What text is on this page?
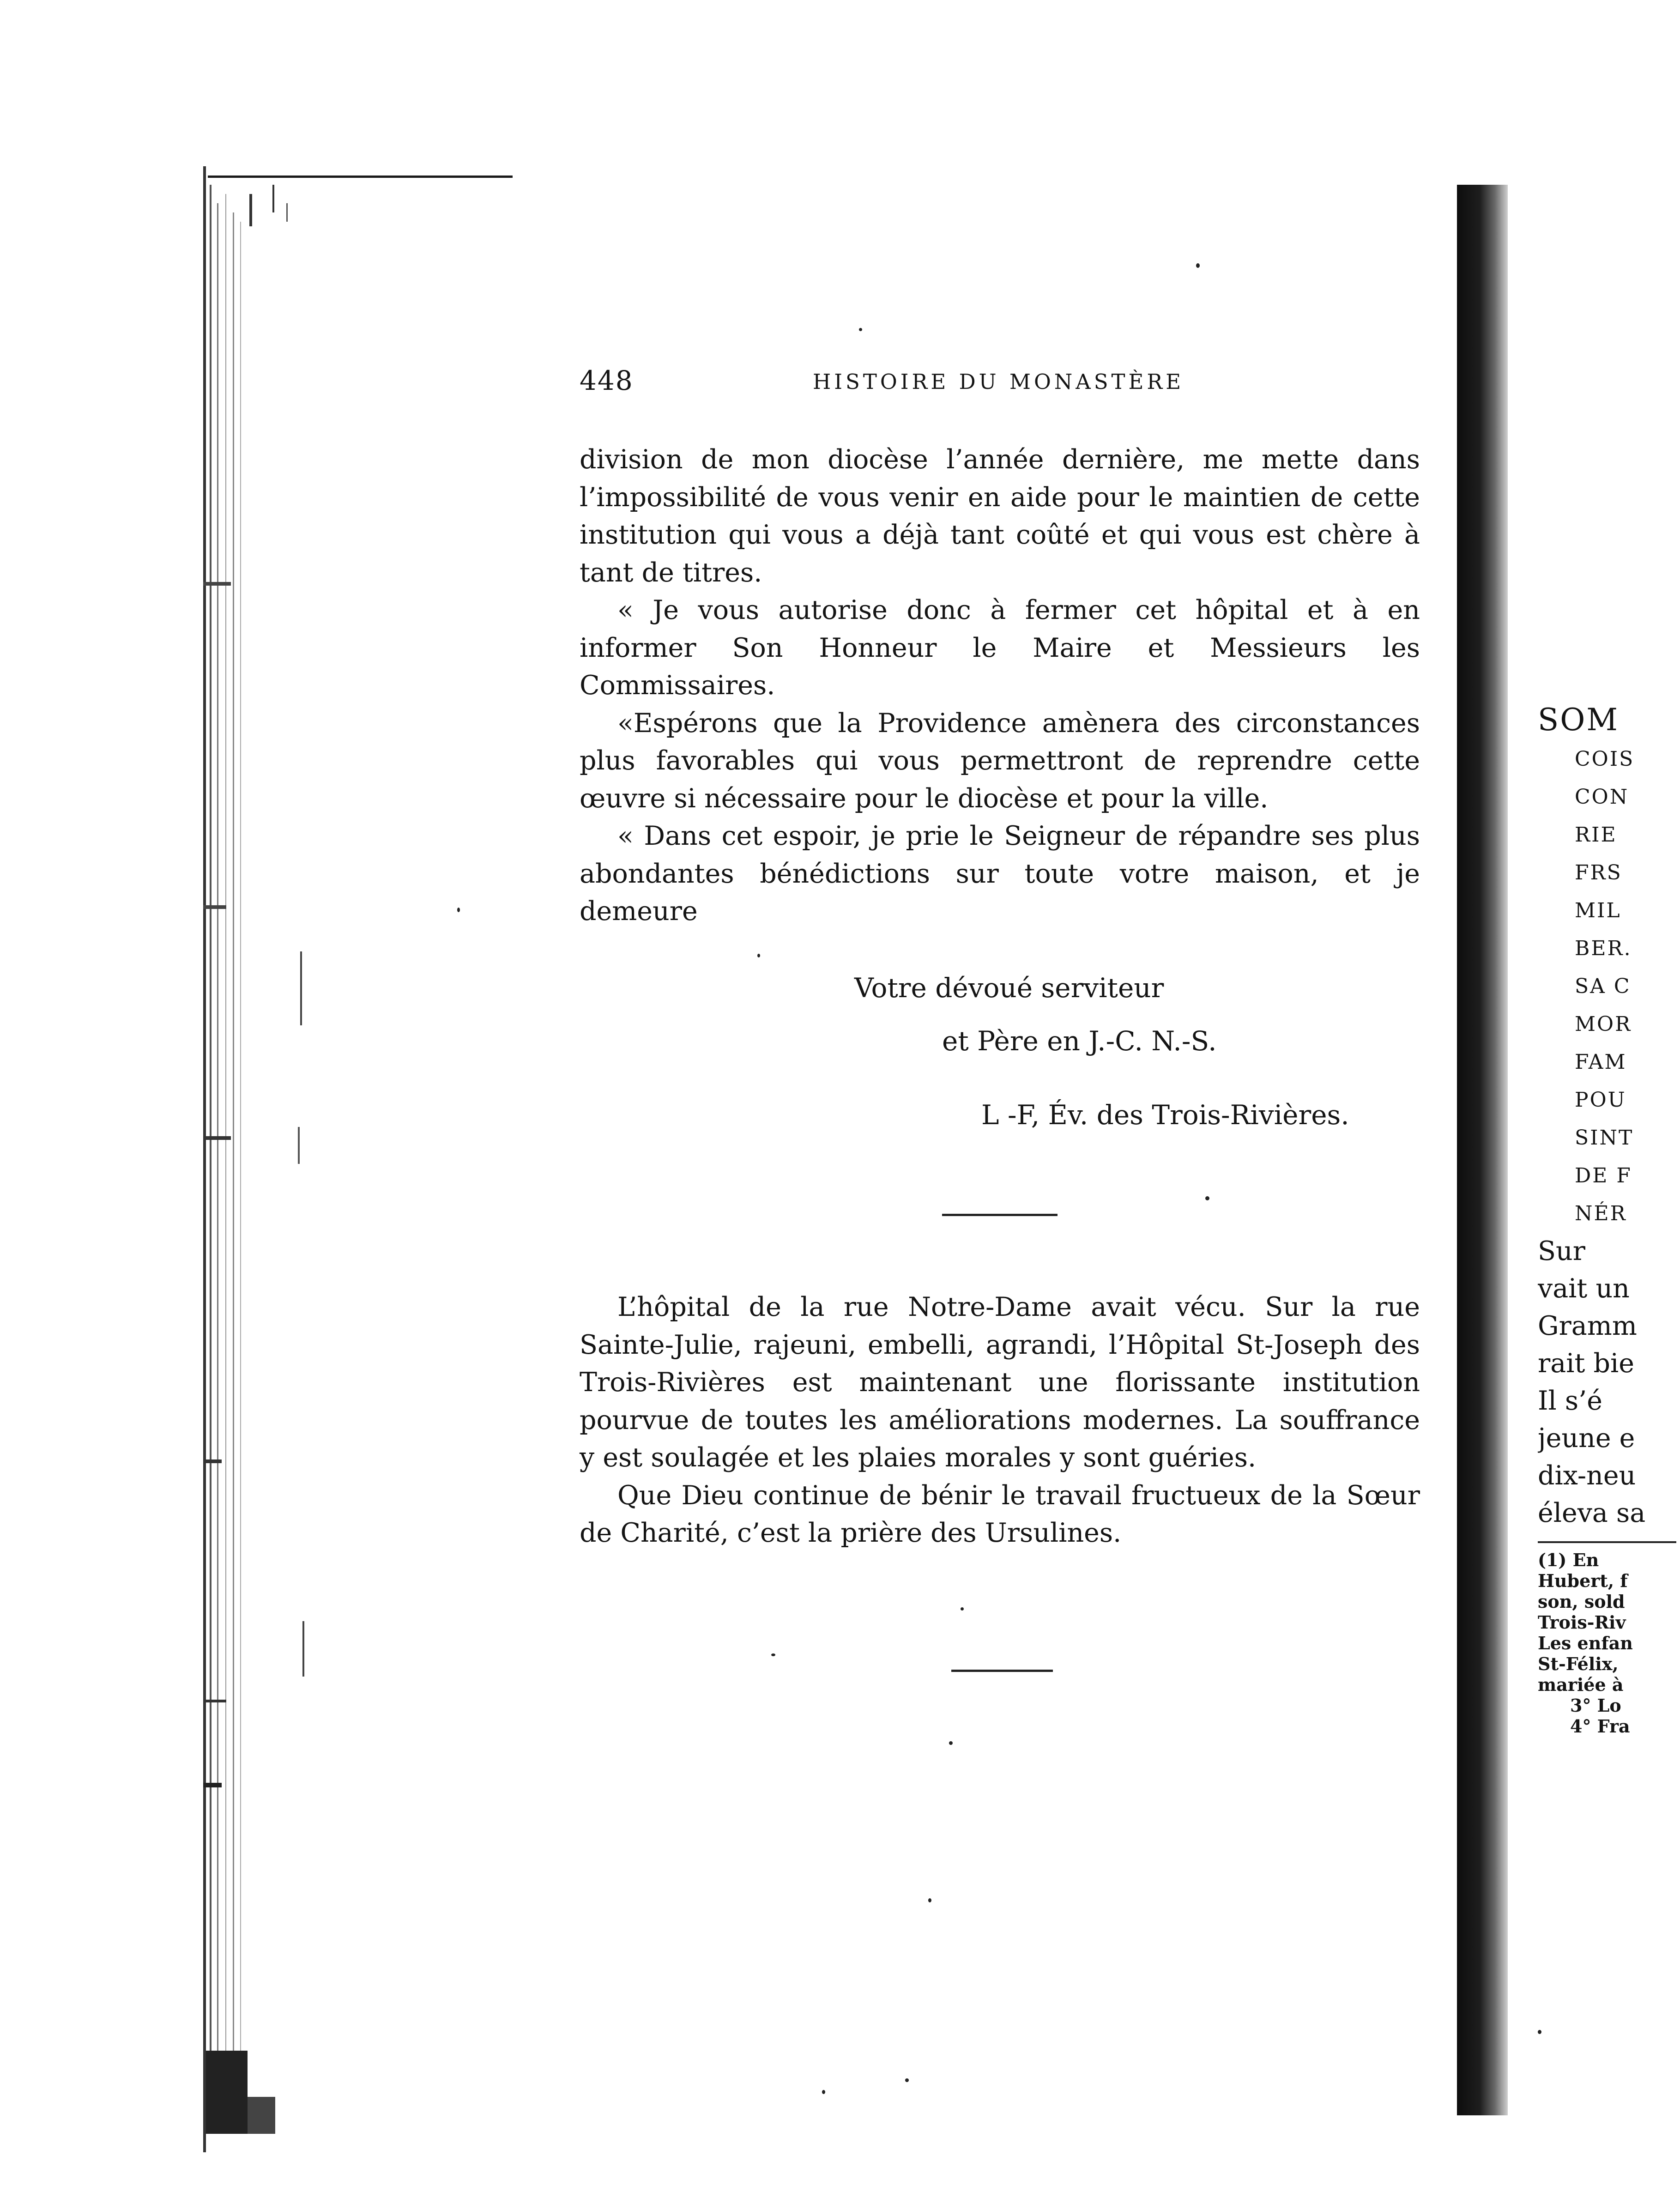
448	HISTOIRE DU MONASTÈRE

division de mon diocèse l’année dernière, me mette dans l’impossibilité de vous venir en aide pour le maintien de cette institution qui vous a déjà tant coûté et qui vous est chère à tant de titres.

« Je vous autorise donc à fermer cet hôpital et à en informer Son Honneur le Maire et Messieurs les Commissaires.

«Espérons que la Providence amènera des circonstances plus favorables qui vous permettront de reprendre cette œuvre si nécessaire pour le diocèse et pour la ville.

« Dans cet espoir, je prie le Seigneur de répandre ses plus abondantes bénédictions sur toute votre maison, et je demeure

Votre dévoué serviteur
et Père en J.-C. N.-S.
L -F, Év. des Trois-Rivières.

L’hôpital de la rue Notre-Dame avait vécu. Sur la rue Sainte-Julie, rajeuni, embelli, agrandi, l’Hôpital St-Joseph des Trois-Rivières est maintenant une florissante institution pourvue de toutes les améliorations modernes. La souffrance y est soulagée et les plaies morales y sont guéries.

Que Dieu continue de bénir le travail fructueux de la Sœur de Charité, c’est la prière des Ursulines.

SOM

COIS

CON

RIE

FRS

MIL

BER.

SA C

MOR

FAM

POU

SINT

DE F

NÉR

Sur

vait un

Gramm

rait bie

Il s’é

jeune e

dix-neu

éleva sa

(1) En

Hubert, f

son, sold

Trois-Riv

Les enfan

St-Félix,

mariée à

3° Lo

4° Fra
